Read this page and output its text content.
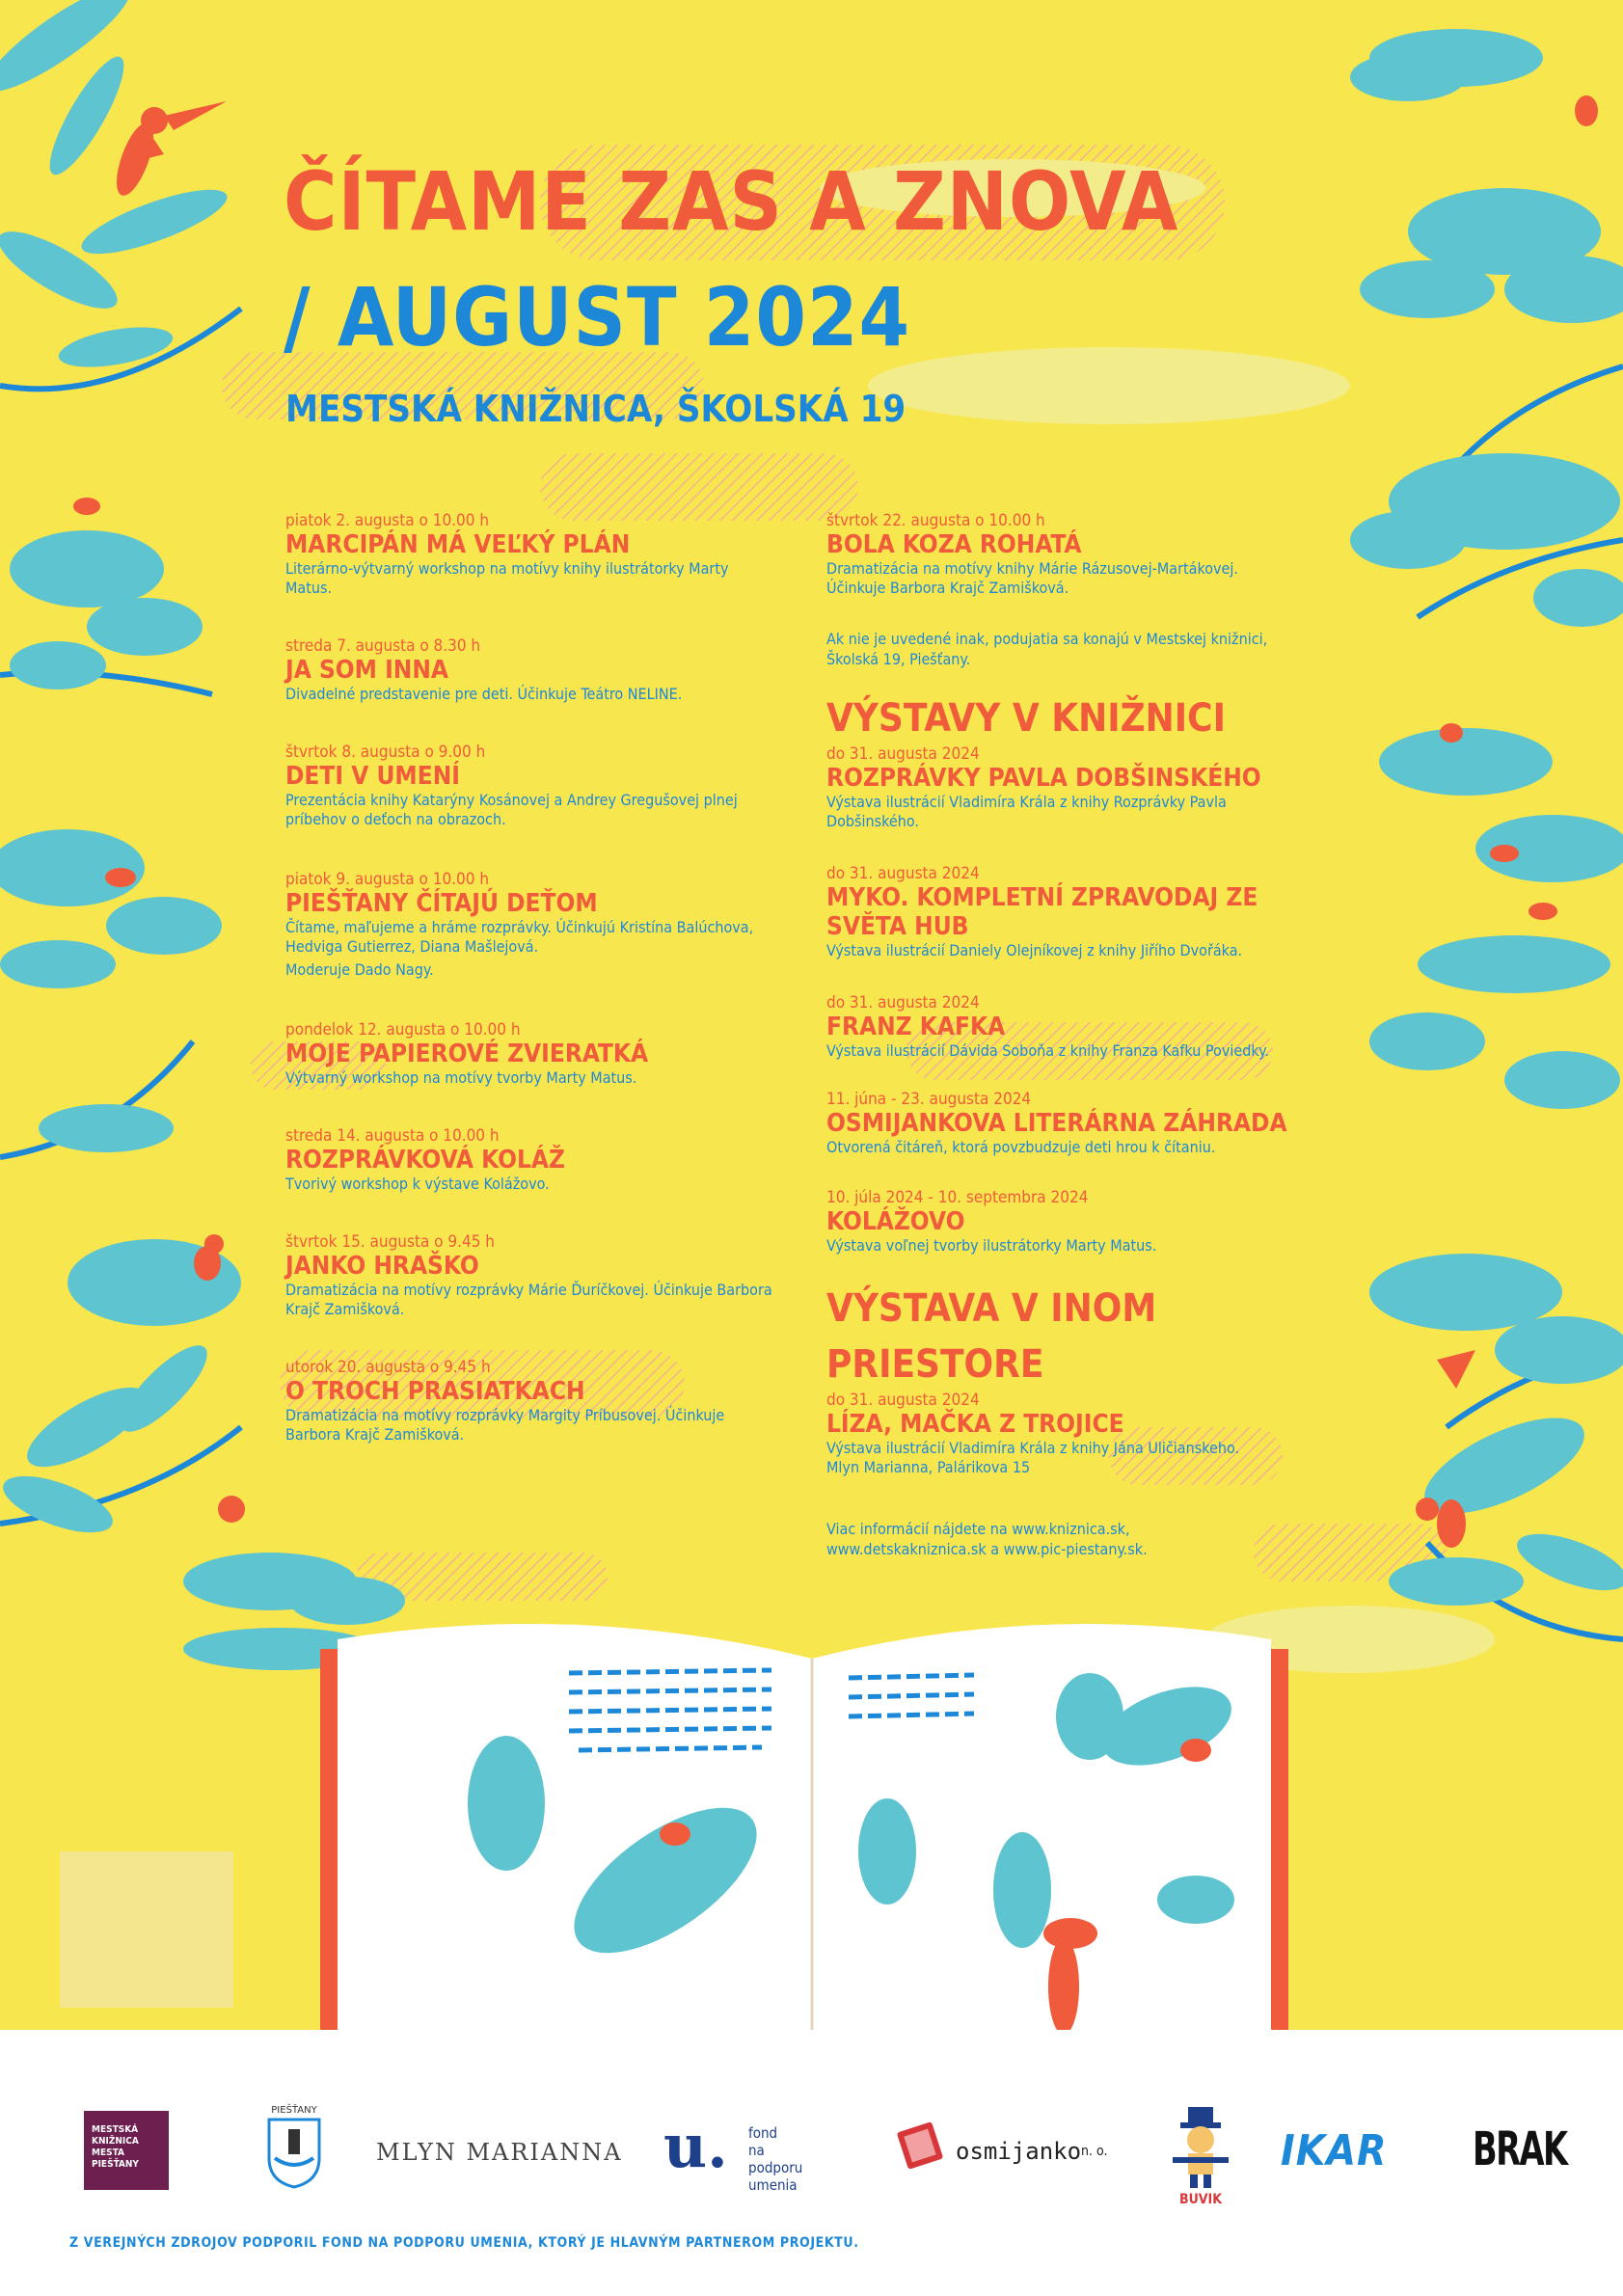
ČÍTAME ZAS A ZNOVA
/ AUGUST 2024
MESTSKÁ KNIŽNICA, ŠKOLSKÁ 19
piatok 2. augusta o 10.00 h
MARCIPÁN MÁ VEĽKÝ PLÁN
Literárno-výtvarný workshop na motívy knihy ilustrátorky Marty Matus.
streda 7. augusta o 8.30 h
JA SOM INNA
Divadelné predstavenie pre deti. Účinkuje Teátro NELINE.
štvrtok 8. augusta o 9.00 h
DETI V UMENÍ
Prezentácia knihy Katarýny Kosánovej a Andrey Gregušovej plnej príbehov o deťoch na obrazoch.
piatok 9. augusta o 10.00 h
PIEŠŤANY ČÍTAJÚ DEŤOM
Čítame, maľujeme a hráme rozprávky. Účinkujú Kristína Balúchova, Hedviga Gutierrez, Diana Mašlejová.
Moderuje Dado Nagy.
pondelok 12. augusta o 10.00 h
MOJE PAPIEROVÉ ZVIERATKÁ
Výtvarný workshop na motívy tvorby Marty Matus.
streda 14. augusta o 10.00 h
ROZPRÁVKOVÁ KOLÁŽ
Tvorivý workshop k výstave Kolážovo.
štvrtok 15. augusta o 9.45 h
JANKO HRAŠKO
Dramatizácia na motívy rozprávky Márie Ďuríčkovej. Účinkuje Barbora Krajč Zamišková.
utorok 20. augusta o 9.45 h
O TROCH PRASIATKACH
Dramatizácia na motívy rozprávky Margity Príbusovej. Účinkuje Barbora Krajč Zamišková.
štvrtok 22. augusta o 10.00 h
BOLA KOZA ROHATÁ
Dramatizácia na motívy knihy Márie Rázusovej-Martákovej. Účinkuje Barbora Krajč Zamišková.
Ak nie je uvedené inak, podujatia sa konajú v Mestskej knižnici, Školská 19, Piešťany.
VÝSTAVY V KNIŽNICI
do 31. augusta 2024
ROZPRÁVKY PAVLA DOBŠINSKÉHO
Výstava ilustrácií Vladimíra Krála z knihy Rozprávky Pavla Dobšinského.
do 31. augusta 2024
MYKO. KOMPLETNÍ ZPRAVODAJ ZE SVĚTA HUB
Výstava ilustrácií Daniely Olejníkovej z knihy Jiřího Dvořáka.
do 31. augusta 2024
FRANZ KAFKA
Výstava ilustrácií Dávida Soboňa z knihy Franza Kafku Poviedky.
11. júna - 23. augusta 2024
OSMIJANKOVA LITERÁRNA ZÁHRADA
Otvorená čitáreň, ktorá povzbudzuje deti hrou k čítaniu.
10. júla 2024 - 10. septembra 2024
KOLÁŽOVO
Výstava voľnej tvorby ilustrátorky Marty Matus.
VÝSTAVA V INOM PRIESTORE
do 31. augusta 2024
LÍZA, MAČKA Z TROJICE
Výstava ilustrácií Vladimíra Krála z knihy Jána Uličianskeho.
Mlyn Marianna, Palárikova 15
Viac informácií nájdete na www.kniznica.sk, www.detskakniznica.sk a www.pic-piestany.sk.
MESTSKÁ
KNIŽNICA
MESTA
PIEŠŤANY
PIEŠŤANY
MLYN MARIANNA u. fond
na podporu
umenia
osmijanko n. o.
BUVIK
IKAR BRAK
Z VEREJNÝCH ZDROJOV PODPORIL FOND NA PODPORU UMENIA, KTORÝ JE HLAVNÝM PARTNEROM PROJEKTU.
